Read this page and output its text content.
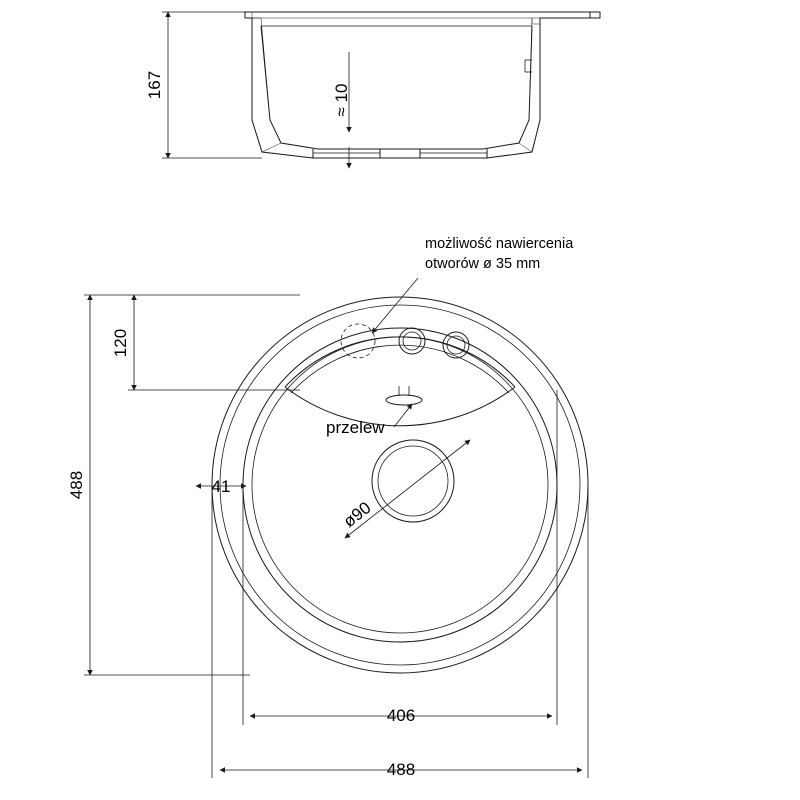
167	≈ 10
ø90
możliwość nawiercenia
otworów ø 35 mm
przelew
120
488	41
406
488
